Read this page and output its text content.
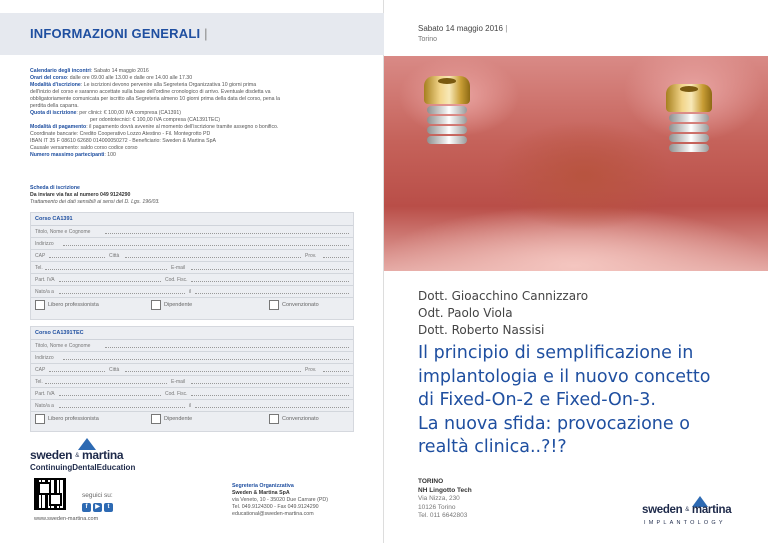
INFORMAZIONI GENERALI |
Calendario degli incontri: Sabato 14 maggio 2016
Orari del corso: dalle ore 09.00 alle 13.00 e dalle ore 14.00 alle 17.30
Modalità d'iscrizione: Le iscrizioni devono pervenire alla Segreteria Organizzativa 10 giorni prima
dell'inizio del corso e saranno accettate sulla base dell'ordine cronologico di arrivo. Eventuale disdetta va
obbligatoriamente comunicata per iscritto alla Segreteria almeno 10 giorni prima della data del corso, pena la
perdita della caparra.
Quota di iscrizione: per clinici: € 100,00 IVA compresa (CA1391)
per odontotecnici: € 100,00 IVA compresa (CA1391TEC)
Modalità di pagamento: il pagamento dovrà avvenire al momento dell'iscrizione tramite assegno o bonifico.
Coordinate bancarie: Credito Cooperativo Lozzo Atestino - Fil. Montegrotto PD
IBAN IT 35 F 08610 62680 014000050272 - Beneficiario: Sweden & Martina SpA
Causale versamento: saldo corso codice corso
Numero massimo partecipanti: 100
Scheda di iscrizione
Da inviare via fax al numero 049 9124290
Trattamento dei dati sensibili ai sensi del D. Lgs. 196/03.
Corso CA1391
Titolo, Nome e Cognome
Indirizzo
CAP	Città	Prov.
Tel.	E-mail
Part. IVA	Cod. Fisc.
Nato/a a	il
Libero professionista	Dipendente	Convenzionato
Corso CA1391TEC
Titolo, Nome e Cognome
Indirizzo
CAP	Città	Prov.
Tel.	E-mail
Part. IVA	Cod. Fisc.
Nato/a a	il
Libero professionista	Dipendente	Convenzionato
sweden & martina
ContinuingDentalEducation
seguici su:
f	▶	t
www.sweden-martina.com
Segreteria Organizzativa
Sweden & Martina SpA
via Veneto, 10 - 35020 Due Carrare (PD)
Tel. 049.9124300 - Fax 049.9124290
educational@sweden-martina.com
Sabato 14 maggio 2016 |
Torino
Dott. Gioacchino Cannizzaro
Odt. Paolo Viola
Dott. Roberto Nassisi
Il principio di semplificazione in
implantologia e il nuovo concetto
di Fixed-On-2 e Fixed-On-3.
La nuova sfida: provocazione o
realtà clinica..?!?
TORINO
NH Lingotto Tech
Via Nizza, 230
10126 Torino
Tel. 011 6642803	sweden & martina
IMPLANTOLOGY
